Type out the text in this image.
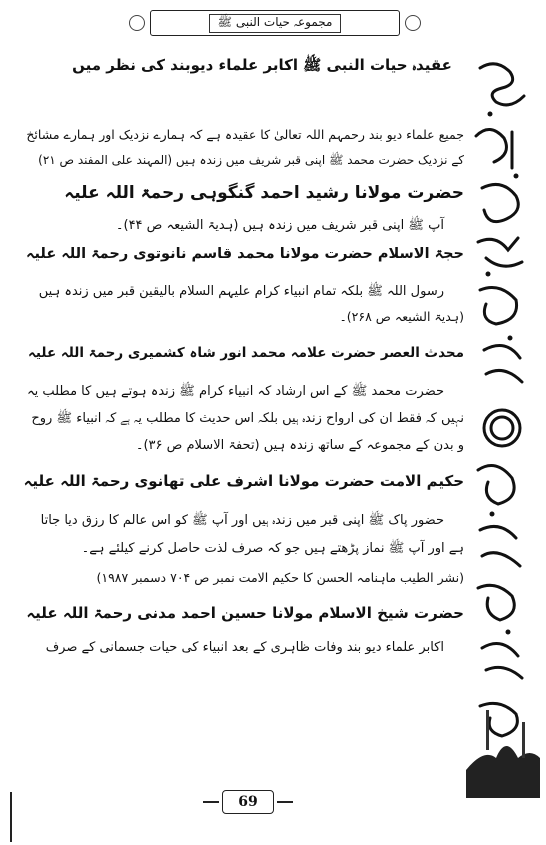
مجموعہ حیات النبی ﷺ
عقیدہ حیات النبی ﷺ اکابر علماء دیوبند کی نظر میں
جمیع علماء دیو بند رحمہم اللہ تعالیٰ کا عقیدہ ہے کہ ہمارے نزدیک اور ہمارے مشائخ
کے نزدیک حضرت محمد ﷺ اپنی قبر شریف میں زندہ ہیں (المہند علی المفند ص ۲۱)
حضرت مولانا رشید احمد گنگوہی رحمۃ اللہ علیہ
آپ ﷺ اپنی قبر شریف میں زندہ ہیں (ہدیۃ الشیعہ ص ۴۴)۔
حجۃ الاسلام حضرت مولانا محمد قاسم نانوتوی رحمۃ اللہ علیہ
رسول اللہ ﷺ بلکہ تمام انبیاء کرام علیہم السلام بالیقین قبر میں زندہ ہیں
(ہدیۃ الشیعہ ص ۲۶۸)۔
محدث العصر حضرت علامہ محمد انور شاہ کشمیری رحمۃ اللہ علیہ
حضرت محمد ﷺ کے اس ارشاد کہ انبیاء کرام ﷺ زندہ ہوتے ہیں کا مطلب یہ
نہیں کہ فقط ان کی ارواح زندہ ہیں بلکہ اس حدیث کا مطلب یہ ہے کہ انبیاء ﷺ روح
و بدن کے مجموعہ کے ساتھ زندہ ہیں (تحفۃ الاسلام ص ۳۶)۔
حکیم الامت حضرت مولانا اشرف علی تھانوی رحمۃ اللہ علیہ
حضور پاک ﷺ اپنی قبر میں زندہ ہیں اور آپ ﷺ کو اس عالم کا رزق دیا جاتا
ہے اور آپ ﷺ نماز پڑھتے ہیں جو کہ صرف لذت حاصل کرنے کیلئے ہے۔
(نشر الطیب ماہنامہ الحسن کا حکیم الامت نمبر ص ۷۰۴ دسمبر ۱۹۸۷)
حضرت شیخ الاسلام مولانا حسین احمد مدنی رحمۃ اللہ علیہ
اکابر علماء دیو بند وفات ظاہری کے بعد انبیاء کی حیات جسمانی کے صرف
69
